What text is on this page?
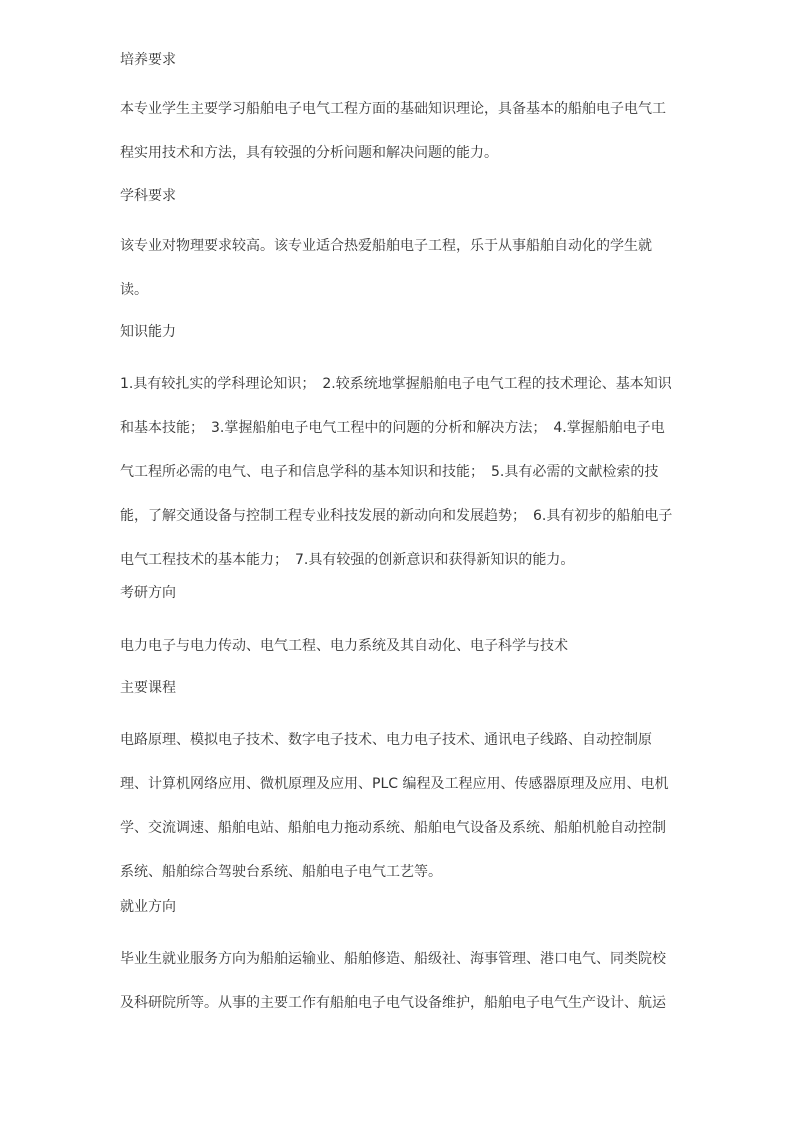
培养要求
本专业学生主要学习船舶电子电气工程方面的基础知识理论，具备基本的船舶电子电气工
程实用技术和方法，具有较强的分析问题和解决问题的能力。
学科要求
该专业对物理要求较高。该专业适合热爱船舶电子工程，乐于从事船舶自动化的学生就
读。
知识能力
1.具有较扎实的学科理论知识；　2.较系统地掌握船舶电子电气工程的技术理论、基本知识
和基本技能；　3.掌握船舶电子电气工程中的问题的分析和解决方法；　4.掌握船舶电子电
气工程所必需的电气、电子和信息学科的基本知识和技能；　5.具有必需的文献检索的技
能，了解交通设备与控制工程专业科技发展的新动向和发展趋势；　6.具有初步的船舶电子
电气工程技术的基本能力；　7.具有较强的创新意识和获得新知识的能力。
考研方向
电力电子与电力传动、电气工程、电力系统及其自动化、电子科学与技术
主要课程
电路原理、模拟电子技术、数字电子技术、电力电子技术、通讯电子线路、自动控制原
理、计算机网络应用、微机原理及应用、PLC 编程及工程应用、传感器原理及应用、电机
学、交流调速、船舶电站、船舶电力拖动系统、船舶电气设备及系统、船舶机舱自动控制
系统、船舶综合驾驶台系统、船舶电子电气工艺等。
就业方向
毕业生就业服务方向为船舶运输业、船舶修造、船级社、海事管理、港口电气、同类院校
及科研院所等。从事的主要工作有船舶电子电气设备维护，船舶电子电气生产设计、航运
